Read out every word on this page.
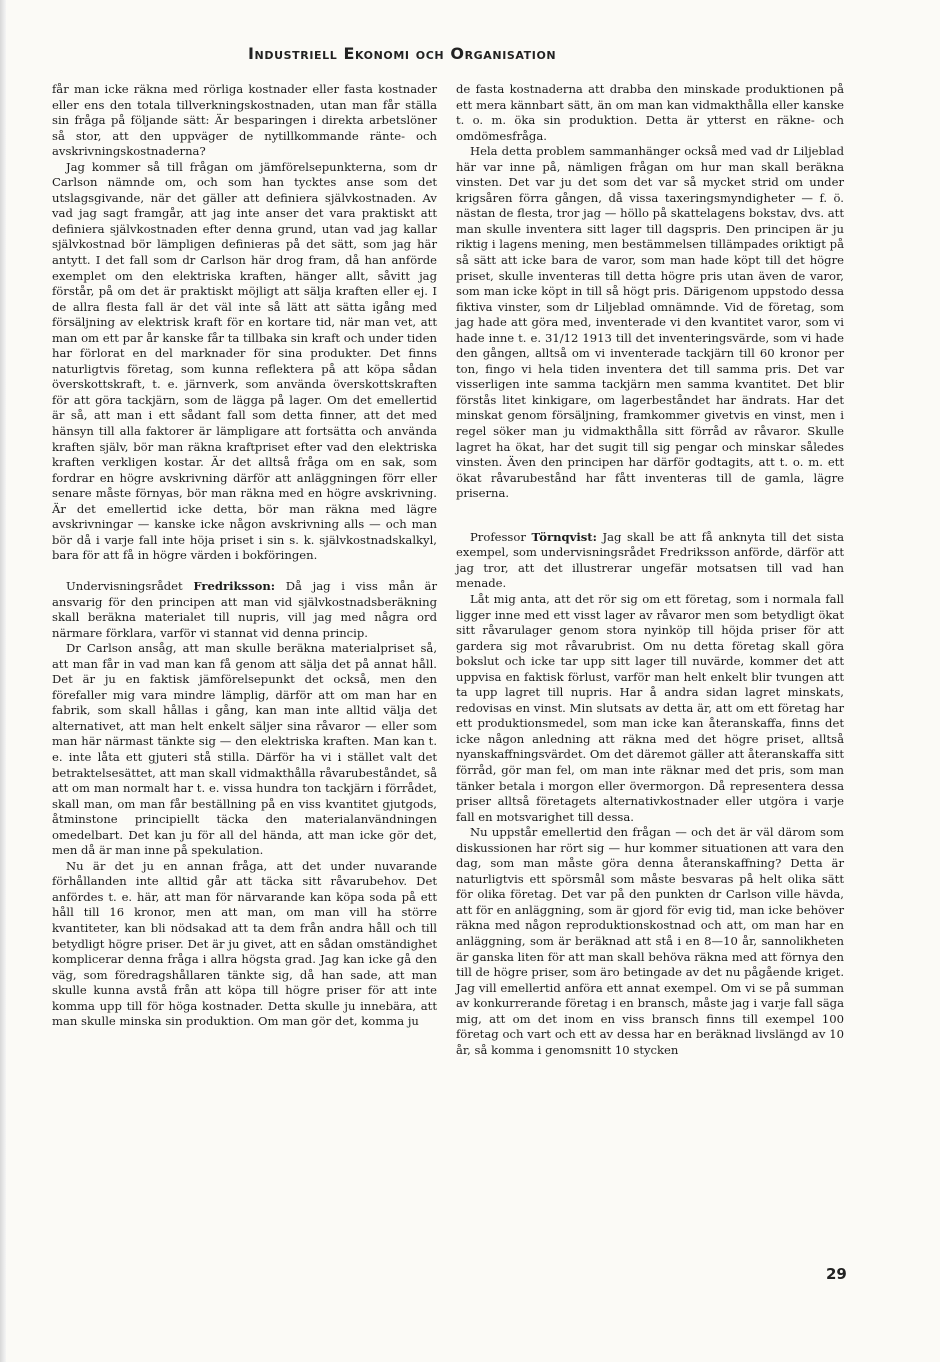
Industriell Ekonomi och Organisation

får man icke räkna med rörliga kostnader eller fasta kostnader eller ens den totala tillverkningskostnaden, utan man får ställa sin fråga på följande sätt: Är besparingen i direkta arbetslöner så stor, att den uppväger de nytillkommande ränte- och avskrivningskostnaderna?

Jag kommer så till frågan om jämförelsepunkterna, som dr Carlson nämnde om, och som han tycktes anse som det utslagsgivande, när det gäller att definiera självkostnaden. Av vad jag sagt framgår, att jag inte anser det vara praktiskt att definiera självkostnaden efter denna grund, utan vad jag kallar självkostnad bör lämpligen definieras på det sätt, som jag här antytt. I det fall som dr Carlson här drog fram, då han anförde exemplet om den elektriska kraften, hänger allt, såvitt jag förstår, på om det är praktiskt möjligt att sälja kraften eller ej. I de allra flesta fall är det väl inte så lätt att sätta igång med försäljning av elektrisk kraft för en kortare tid, när man vet, att man om ett par år kanske får ta tillbaka sin kraft och under tiden har förlorat en del marknader för sina produkter. Det finns naturligtvis företag, som kunna reflektera på att köpa sådan överskottskraft, t. e. järnverk, som använda överskottskraften för att göra tackjärn, som de lägga på lager. Om det emellertid är så, att man i ett sådant fall som detta finner, att det med hänsyn till alla faktorer är lämpligare att fortsätta och använda kraften själv, bör man räkna kraftpriset efter vad den elektriska kraften verkligen kostar. Är det alltså fråga om en sak, som fordrar en högre avskrivning därför att anläggningen förr eller senare måste förnyas, bör man räkna med en högre avskrivning. Är det emellertid icke detta, bör man räkna med lägre avskrivningar — kanske icke någon avskrivning alls — och man bör då i varje fall inte höja priset i sin s. k. självkostnadskalkyl, bara för att få in högre värden i bokföringen.

Undervisningsrådet Fredriksson: Då jag i viss mån är ansvarig för den principen att man vid självkostnadsberäkning skall beräkna materialet till nupris, vill jag med några ord närmare förklara, varför vi stannat vid denna princip.

Dr Carlson ansåg, att man skulle beräkna materialpriset så, att man får in vad man kan få genom att sälja det på annat håll. Det är ju en faktisk jämförelsepunkt det också, men den förefaller mig vara mindre lämplig, därför att om man har en fabrik, som skall hållas i gång, kan man inte alltid välja det alternativet, att man helt enkelt säljer sina råvaror — eller som man här närmast tänkte sig — den elektriska kraften. Man kan t. e. inte låta ett gjuteri stå stilla. Därför ha vi i stället valt det betraktelsesättet, att man skall vidmakthålla råvarubeståndet, så att om man normalt har t. e. vissa hundra ton tackjärn i förrådet, skall man, om man får beställning på en viss kvantitet gjutgods, åtminstone principiellt täcka den materialanvändningen omedelbart. Det kan ju för all del hända, att man icke gör det, men då är man inne på spekulation.

Nu är det ju en annan fråga, att det under nuvarande förhållanden inte alltid går att täcka sitt råvarubehov. Det anfördes t. e. här, att man för närvarande kan köpa soda på ett håll till 16 kronor, men att man, om man vill ha större kvantiteter, kan bli nödsakad att ta dem från andra håll och till betydligt högre priser. Det är ju givet, att en sådan omständighet komplicerar denna fråga i allra högsta grad. Jag kan icke gå den väg, som föredragshållaren tänkte sig, då han sade, att man skulle kunna avstå från att köpa till högre priser för att inte komma upp till för höga kostnader. Detta skulle ju innebära, att man skulle minska sin produktion. Om man gör det, komma ju

de fasta kostnaderna att drabba den minskade produktionen på ett mera kännbart sätt, än om man kan vidmakthålla eller kanske t. o. m. öka sin produktion. Detta är ytterst en räkne- och omdömesfråga.

Hela detta problem sammanhänger också med vad dr Liljeblad här var inne på, nämligen frågan om hur man skall beräkna vinsten. Det var ju det som det var så mycket strid om under krigsåren förra gången, då vissa taxeringsmyndigheter — f. ö. nästan de flesta, tror jag — höllo på skattelagens bokstav, dvs. att man skulle inventera sitt lager till dagspris. Den principen är ju riktig i lagens mening, men bestämmelsen tillämpades oriktigt på så sätt att icke bara de varor, som man hade köpt till det högre priset, skulle inventeras till detta högre pris utan även de varor, som man icke köpt in till så högt pris. Därigenom uppstodo dessa fiktiva vinster, som dr Liljeblad omnämnde. Vid de företag, som jag hade att göra med, inventerade vi den kvantitet varor, som vi hade inne t. e. 31/12 1913 till det inventeringsvärde, som vi hade den gången, alltså om vi inventerade tackjärn till 60 kronor per ton, fingo vi hela tiden inventera det till samma pris. Det var visserligen inte samma tackjärn men samma kvantitet. Det blir förstås litet kinkigare, om lagerbeståndet har ändrats. Har det minskat genom försäljning, framkommer givetvis en vinst, men i regel söker man ju vidmakthålla sitt förråd av råvaror. Skulle lagret ha ökat, har det sugit till sig pengar och minskar således vinsten. Även den principen har därför godtagits, att t. o. m. ett ökat råvarubestånd har fått inventeras till de gamla, lägre priserna.

Professor Törnqvist: Jag skall be att få anknyta till det sista exempel, som undervisningsrådet Fredriksson anförde, därför att jag tror, att det illustrerar ungefär motsatsen till vad han menade.

Låt mig anta, att det rör sig om ett företag, som i normala fall ligger inne med ett visst lager av råvaror men som betydligt ökat sitt råvarulager genom stora nyinköp till höjda priser för att gardera sig mot råvarubrist. Om nu detta företag skall göra bokslut och icke tar upp sitt lager till nuvärde, kommer det att uppvisa en faktisk förlust, varför man helt enkelt blir tvungen att ta upp lagret till nupris. Har å andra sidan lagret minskats, redovisas en vinst. Min slutsats av detta är, att om ett företag har ett produktionsmedel, som man icke kan återanskaffa, finns det icke någon anledning att räkna med det högre priset, alltså nyanskaffningsvärdet. Om det däremot gäller att återanskaffa sitt förråd, gör man fel, om man inte räknar med det pris, som man tänker betala i morgon eller övermorgon. Då representera dessa priser alltså företagets alternativkostnader eller utgöra i varje fall en motsvarighet till dessa.

Nu uppstår emellertid den frågan — och det är väl därom som diskussionen har rört sig — hur kommer situationen att vara den dag, som man måste göra denna återanskaffning? Detta är naturligtvis ett spörsmål som måste besvaras på helt olika sätt för olika företag. Det var på den punkten dr Carlson ville hävda, att för en anläggning, som är gjord för evig tid, man icke behöver räkna med någon reproduktionskostnad och att, om man har en anläggning, som är beräknad att stå i en 8—10 år, sannolikheten är ganska liten för att man skall behöva räkna med att förnya den till de högre priser, som äro betingade av det nu pågående kriget. Jag vill emellertid anföra ett annat exempel. Om vi se på summan av konkurrerande företag i en bransch, måste jag i varje fall säga mig, att om det inom en viss bransch finns till exempel 100 företag och vart och ett av dessa har en beräknad livslängd av 10 år, så komma i genomsnitt 10 stycken

29
